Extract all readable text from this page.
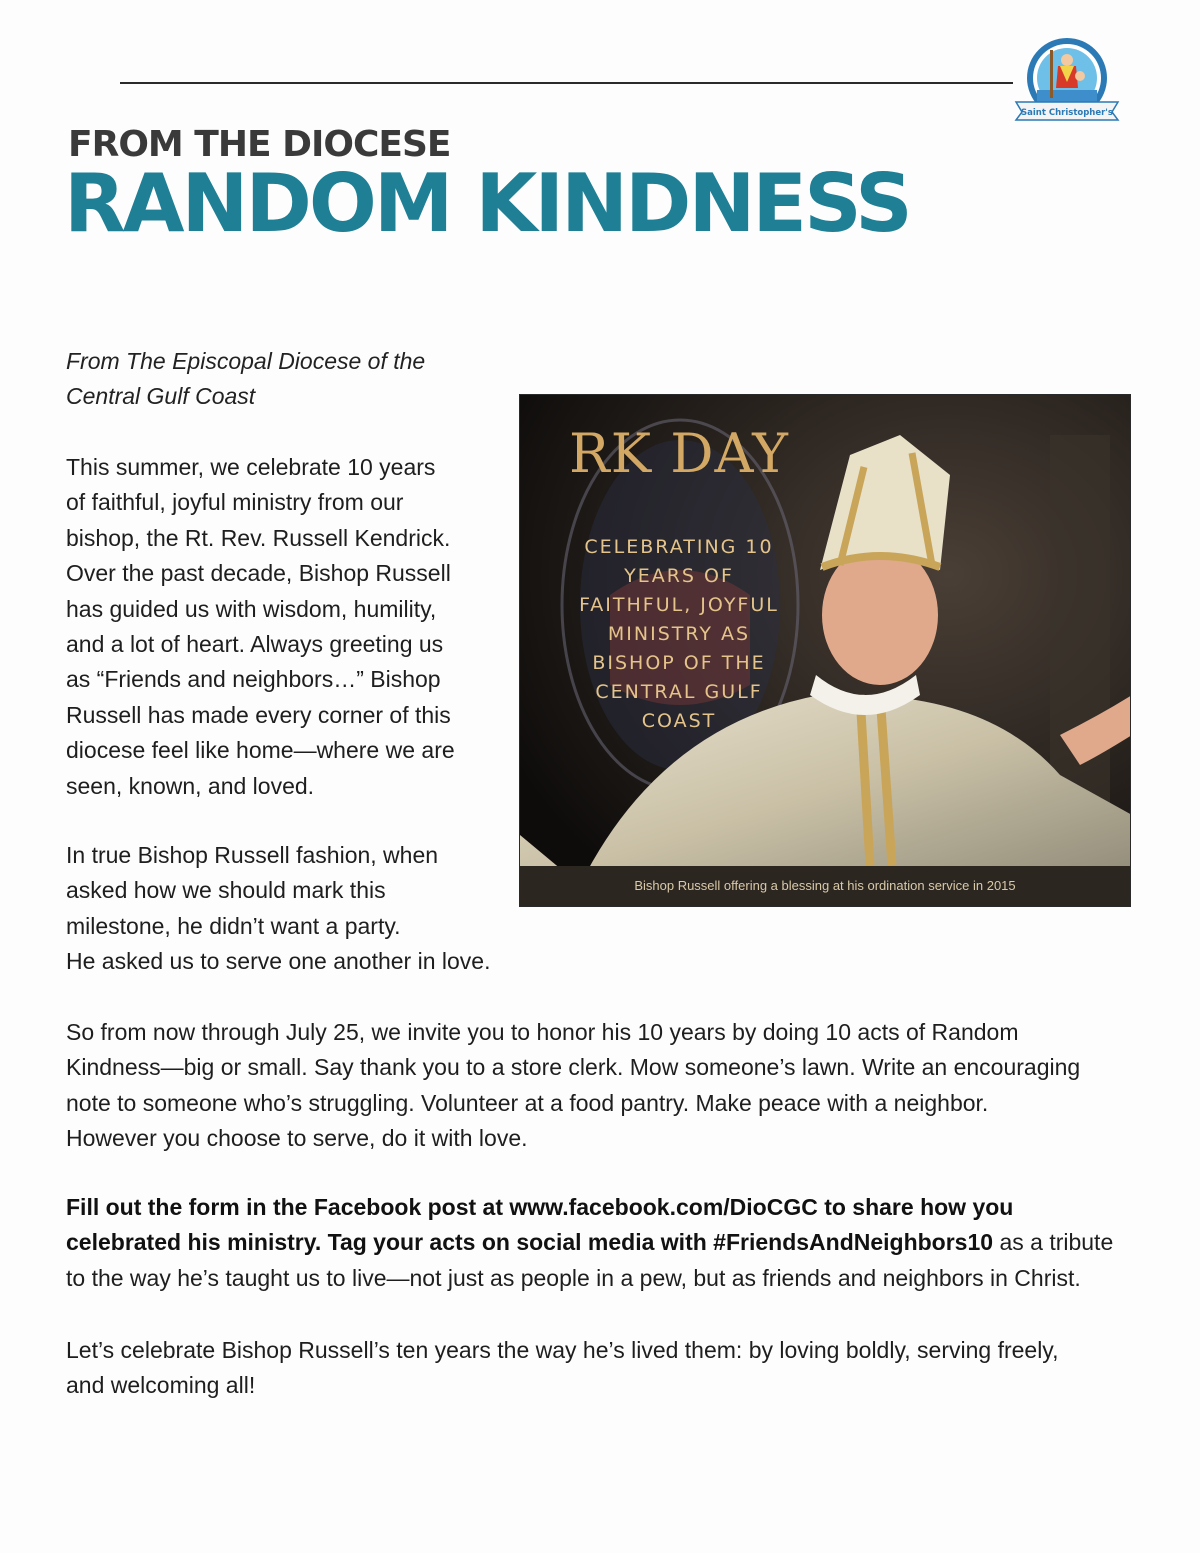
Saint Christopher's
FROM THE DIOCESE
RANDOM KINDNESS

From The Episcopal Diocese of the
Central Gulf Coast

This summer, we celebrate 10 years
of faithful, joyful ministry from our
bishop, the Rt. Rev. Russell Kendrick.
Over the past decade, Bishop Russell
has guided us with wisdom, humility,
and a lot of heart. Always greeting us
as “Friends and neighbors…” Bishop
Russell has made every corner of this
diocese feel like home—where we are
seen, known, and loved.

In true Bishop Russell fashion, when
asked how we should mark this
milestone, he didn’t want a party.
He asked us to serve one another in love.

RK DAY
CELEBRATING 10
YEARS OF
FAITHFUL, JOYFUL
MINISTRY AS
BISHOP OF THE
CENTRAL GULF
COAST
Bishop Russell offering a blessing at his ordination service in 2015

So from now through July 25, we invite you to honor his 10 years by doing 10 acts of Random
Kindness—big or small. Say thank you to a store clerk. Mow someone’s lawn. Write an encouraging
note to someone who’s struggling. Volunteer at a food pantry. Make peace with a neighbor.
However you choose to serve, do it with love.

Fill out the form in the Facebook post at www.facebook.com/DioCGC to share how you
celebrated his ministry. Tag your acts on social media with #FriendsAndNeighbors10 as a tribute
to the way he’s taught us to live—not just as people in a pew, but as friends and neighbors in Christ.

Let’s celebrate Bishop Russell’s ten years the way he’s lived them: by loving boldly, serving freely,
and welcoming all!
